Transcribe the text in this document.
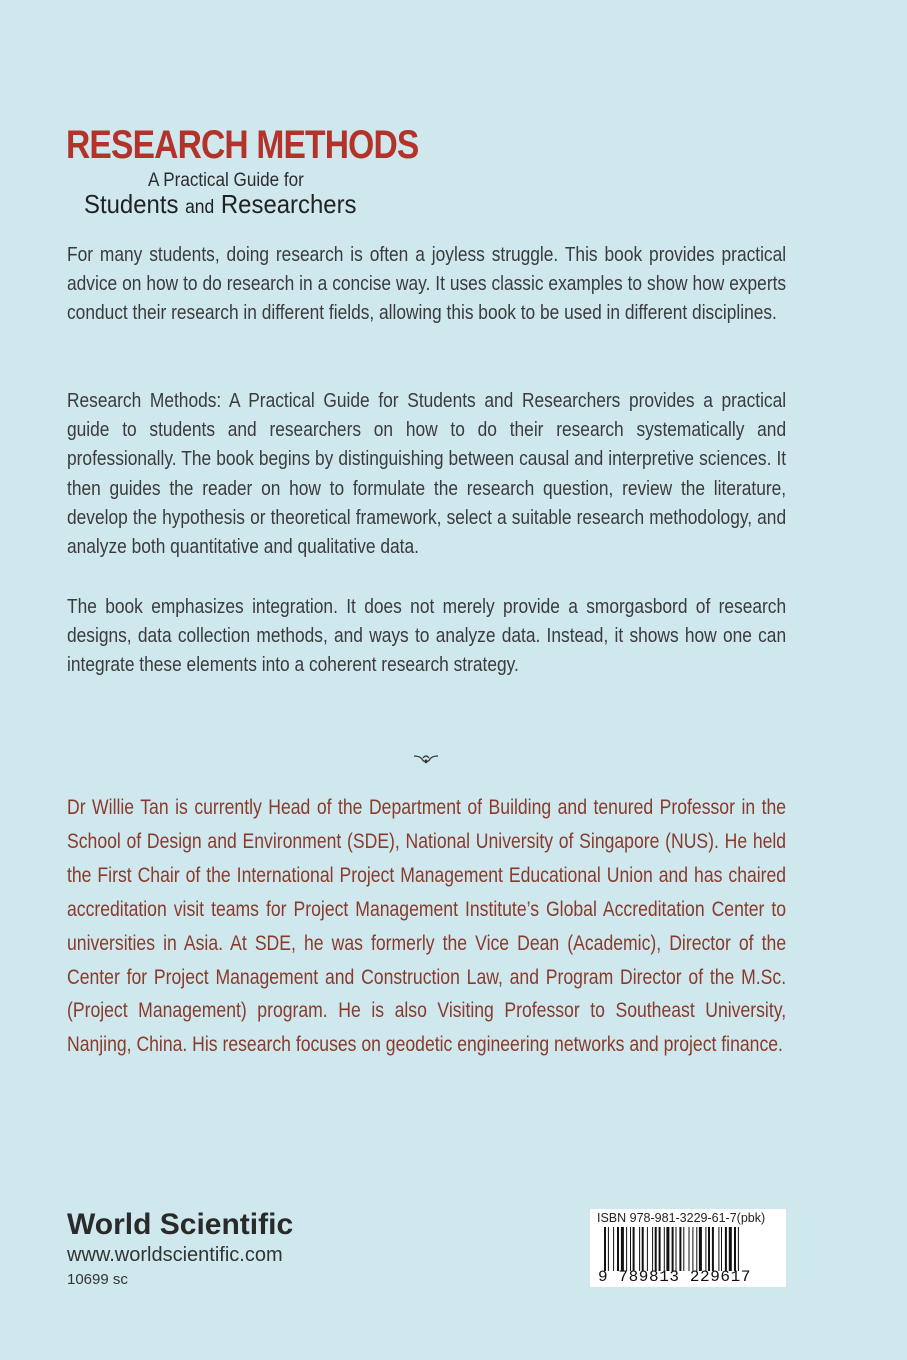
RESEARCH METHODS
A Practical Guide for
Students and Researchers

For many students, doing research is often a joyless struggle. This book provides practical advice on how to do research in a concise way. It uses classic examples to show how experts conduct their research in different fields, allowing this book to be used in different disciplines.

Research Methods: A Practical Guide for Students and Researchers provides a practical guide to students and researchers on how to do their research systematically and professionally. The book begins by distinguishing between causal and interpretive sciences. It then guides the reader on how to formulate the research question, review the literature, develop the hypothesis or theoretical framework, select a suitable research methodology, and analyze both quantitative and qualitative data.

The book emphasizes integration. It does not merely provide a smorgasbord of research designs, data collection methods, and ways to analyze data. Instead, it shows how one can integrate these elements into a coherent research strategy.

Dr Willie Tan is currently Head of the Department of Building and tenured Professor in the School of Design and Environment (SDE), National University of Singapore (NUS). He held the First Chair of the International Project Management Educational Union and has chaired accreditation visit teams for Project Management Institute’s Global Accreditation Center to universities in Asia. At SDE, he was formerly the Vice Dean (Academic), Director of the Center for Project Management and Construction Law, and Program Director of the M.Sc. (Project Management) program. He is also Visiting Professor to Southeast University, Nanjing, China. His research focuses on geodetic engineering networks and project finance.

World Scientific
www.worldscientific.com
10699 sc
ISBN 978-981-3229-61-7(pbk)
9 789813 229617
